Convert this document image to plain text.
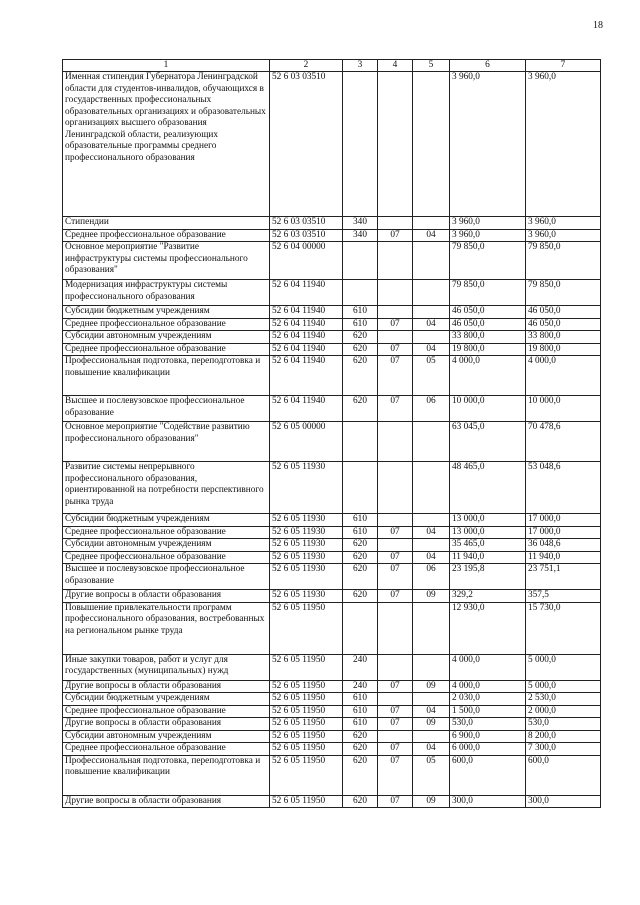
18
1	2	3	4	5	6	7
Именная стипендия Губернатора Ленинградской области для студентов-инвалидов, обучающихся в государственных профессиональных образовательных организациях и образовательных организациях высшего образования Ленинградской области, реализующих образовательные программы среднего профессионального образования	52 6 03 03510				3 960,0	3 960,0
Стипендии	52 6 03 03510	340			3 960,0	3 960,0
Среднее профессиональное образование	52 6 03 03510	340	07	04	3 960,0	3 960,0
Основное мероприятие "Развитие инфраструктуры системы профессионального образования"	52 6 04 00000				79 850,0	79 850,0
Модернизация инфраструктуры системы профессионального образования	52 6 04 11940				79 850,0	79 850,0
Субсидии бюджетным учреждениям	52 6 04 11940	610			46 050,0	46 050,0
Среднее профессиональное образование	52 6 04 11940	610	07	04	46 050,0	46 050,0
Субсидии автономным учреждениям	52 6 04 11940	620			33 800,0	33 800,0
Среднее профессиональное образование	52 6 04 11940	620	07	04	19 800,0	19 800,0
Профессиональная подготовка, переподготовка и повышение квалификации	52 6 04 11940	620	07	05	4 000,0	4 000,0
Высшее и послевузовское профессиональное образование	52 6 04 11940	620	07	06	10 000,0	10 000,0
Основное мероприятие "Содействие развитию профессионального образования"	52 6 05 00000				63 045,0	70 478,6
Развитие системы непрерывного профессионального образования, ориентированной на потребности перспективного рынка труда	52 6 05 11930				48 465,0	53 048,6
Субсидии бюджетным учреждениям	52 6 05 11930	610			13 000,0	17 000,0
Среднее профессиональное образование	52 6 05 11930	610	07	04	13 000,0	17 000,0
Субсидии автономным учреждениям	52 6 05 11930	620			35 465,0	36 048,6
Среднее профессиональное образование	52 6 05 11930	620	07	04	11 940,0	11 940,0
Высшее и послевузовское профессиональное образование	52 6 05 11930	620	07	06	23 195,8	23 751,1
Другие вопросы в области образования	52 6 05 11930	620	07	09	329,2	357,5
Повышение привлекательности программ профессионального образования, востребованных на региональном рынке труда	52 6 05 11950				12 930,0	15 730,0
Иные закупки товаров, работ и услуг для государственных (муниципальных) нужд	52 6 05 11950	240			4 000,0	5 000,0
Другие вопросы в области образования	52 6 05 11950	240	07	09	4 000,0	5 000,0
Субсидии бюджетным учреждениям	52 6 05 11950	610			2 030,0	2 530,0
Среднее профессиональное образование	52 6 05 11950	610	07	04	1 500,0	2 000,0
Другие вопросы в области образования	52 6 05 11950	610	07	09	530,0	530,0
Субсидии автономным учреждениям	52 6 05 11950	620			6 900,0	8 200,0
Среднее профессиональное образование	52 6 05 11950	620	07	04	6 000,0	7 300,0
Профессиональная подготовка, переподготовка и повышение квалификации	52 6 05 11950	620	07	05	600,0	600,0
Другие вопросы в области образования	52 6 05 11950	620	07	09	300,0	300,0
